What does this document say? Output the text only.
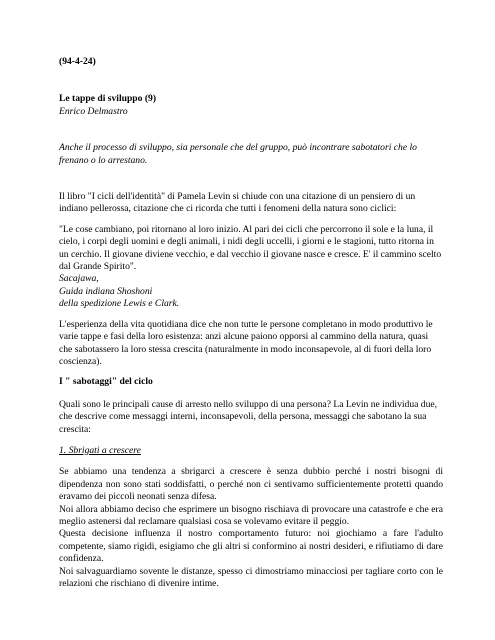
(94-4-24)

Le tappe di sviluppo (9)

Enrico Delmastro

Anche il processo di sviluppo, sia personale che del gruppo, può incontrare sabotatori che lo frenano o lo arrestano.

Il libro "I cicli dell'identità" di Pamela Levin si chiude con una citazione di un pensiero di un indiano pellerossa, citazione che ci ricorda che tutti i fenomeni della natura sono ciclici:

"Le cose cambiano, poi ritornano al loro inizio. Al pari dei cicli che percorrono il sole e la luna, il cielo, i corpi degli uomini e degli animali, i nidi degli uccelli, i giorni e le stagioni, tutto ritorna in un cerchio. Il giovane diviene vecchio, e dal vecchio il giovane nasce e cresce. E' il cammino scelto dal Grande Spirito".

Sacajawa,

Guida indiana Shoshoni

della spedizione Lewis e Clark.

L'esperienza della vita quotidiana dice che non tutte le persone completano in modo produttivo le varie tappe e fasi della loro esistenza: anzi alcune paiono opporsi al cammino della natura, quasi che sabotassero la loro stessa crescita (naturalmente in modo inconsapevole, al di fuori della loro coscienza).

I " sabotaggi" del ciclo

Quali sono le principali cause di arresto nello sviluppo di una persona? La Levin ne individua due, che descrive come messaggi interni, inconsapevoli, della persona, messaggi che sabotano la sua crescita:

1. Sbrigati a crescere

Se abbiamo una tendenza a sbrigarci a crescere è senza dubbio perché i nostri bisogni di dipendenza non sono stati soddisfatti, o perché non ci sentivamo sufficientemente protetti quando eravamo dei piccoli neonati senza difesa.

Noi allora abbiamo deciso che esprimere un bisogno rischiava di provocare una catastrofe e che era meglio astenersi dal reclamare qualsiasi cosa se volevamo evitare il peggio.

Questa decisione influenza il nostro comportamento futuro: noi giochiamo a fare l'adulto competente, siamo rigidi, esigiamo che gli altri si conformino ai nostri desideri, e rifiutiamo di dare confidenza.

Noi salvaguardiamo sovente le distanze, spesso ci dimostriamo minacciosi per tagliare corto con le relazioni che rischiano di divenire intime.
